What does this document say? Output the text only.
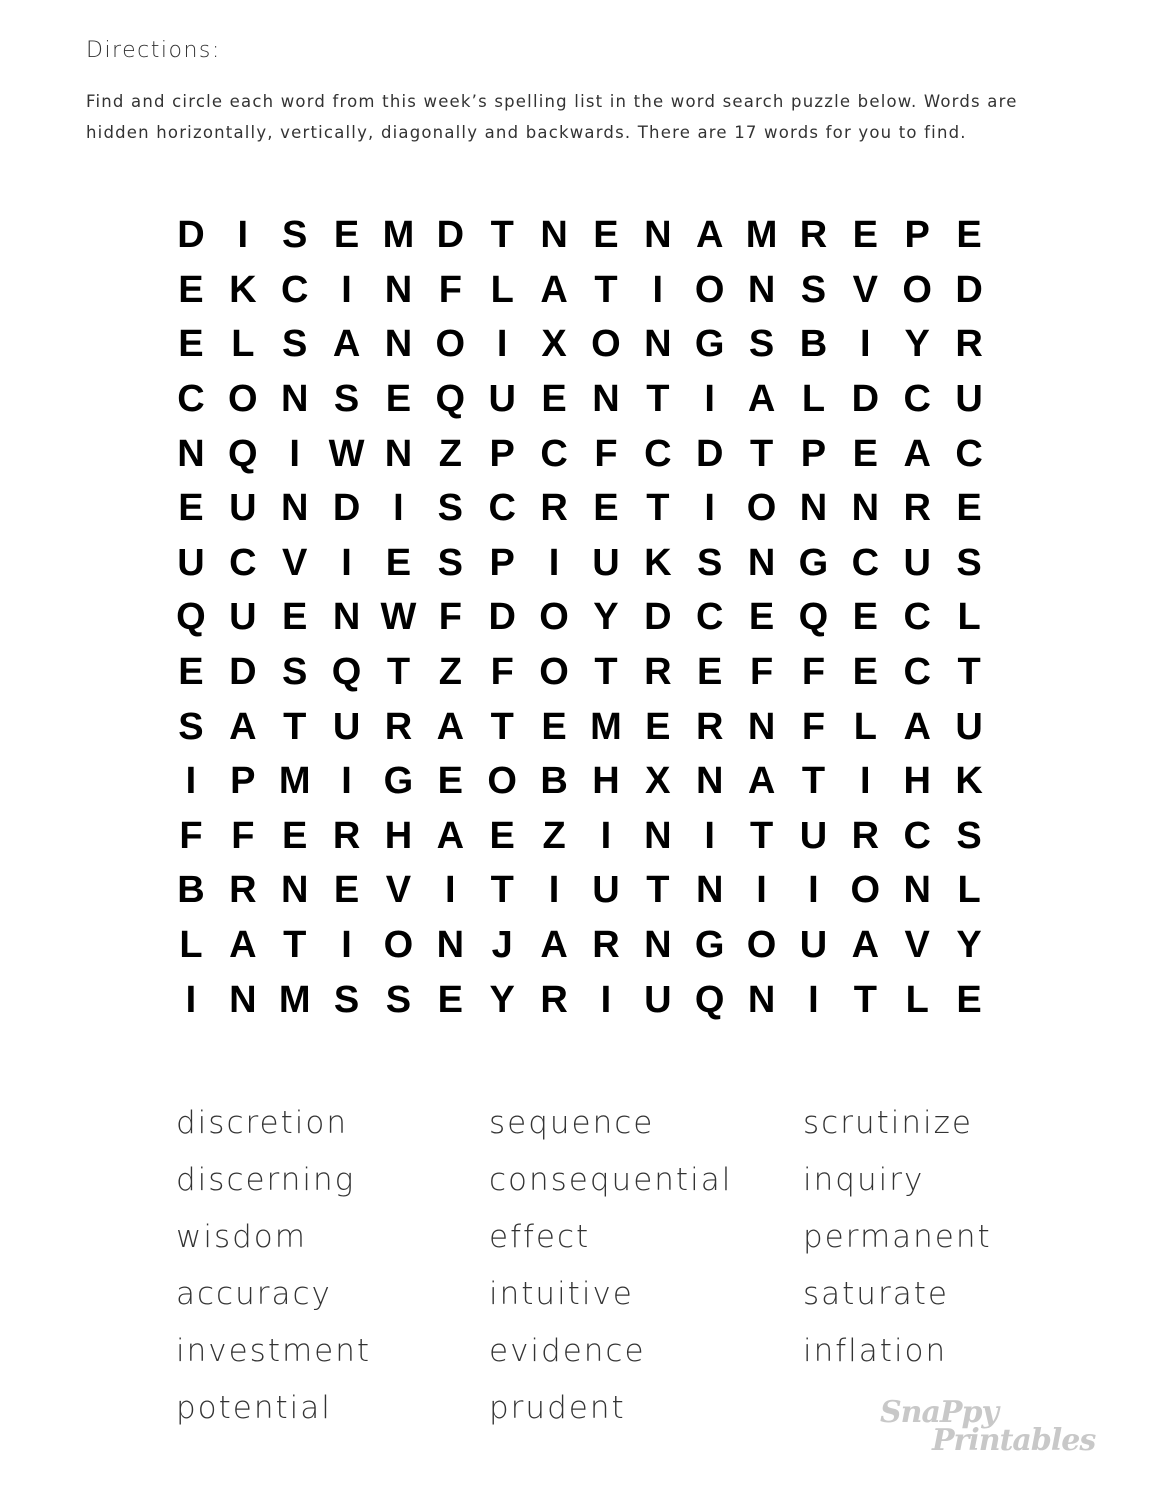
Directions:
Find and circle each word from this week’s spelling list in the word search puzzle below. Words are hidden horizontally, vertically, diagonally and backwards. There are 17 words for you to find.
D I S E M D T N E N A M R E P E
E K C I N F L A T I O N S V O D
E L S A N O I X O N G S B I Y R
C O N S E Q U E N T I A L D C U
N Q I W N Z P C F C D T P E A C
E U N D I S C R E T I O N N R E
U C V I E S P I U K S N G C U S
Q U E N W F D O Y D C E Q E C L
E D S Q T Z F O T R E F F E C T
S A T U R A T E M E R N F L A U
I P M I G E O B H X N A T I H K
F F E R H A E Z I N I T U R C S
B R N E V I T I U T N I	I O N L
L A T I O N J A R N G O U A V Y
I N M S S E Y R I U Q N I T L E
discretion
discerning
wisdom
accuracy
investment
potential
sequence
consequential
effect
intuitive
evidence
prudent
scrutinize
inquiry
permanent
saturate
inflation
SnaPpy
Printables
